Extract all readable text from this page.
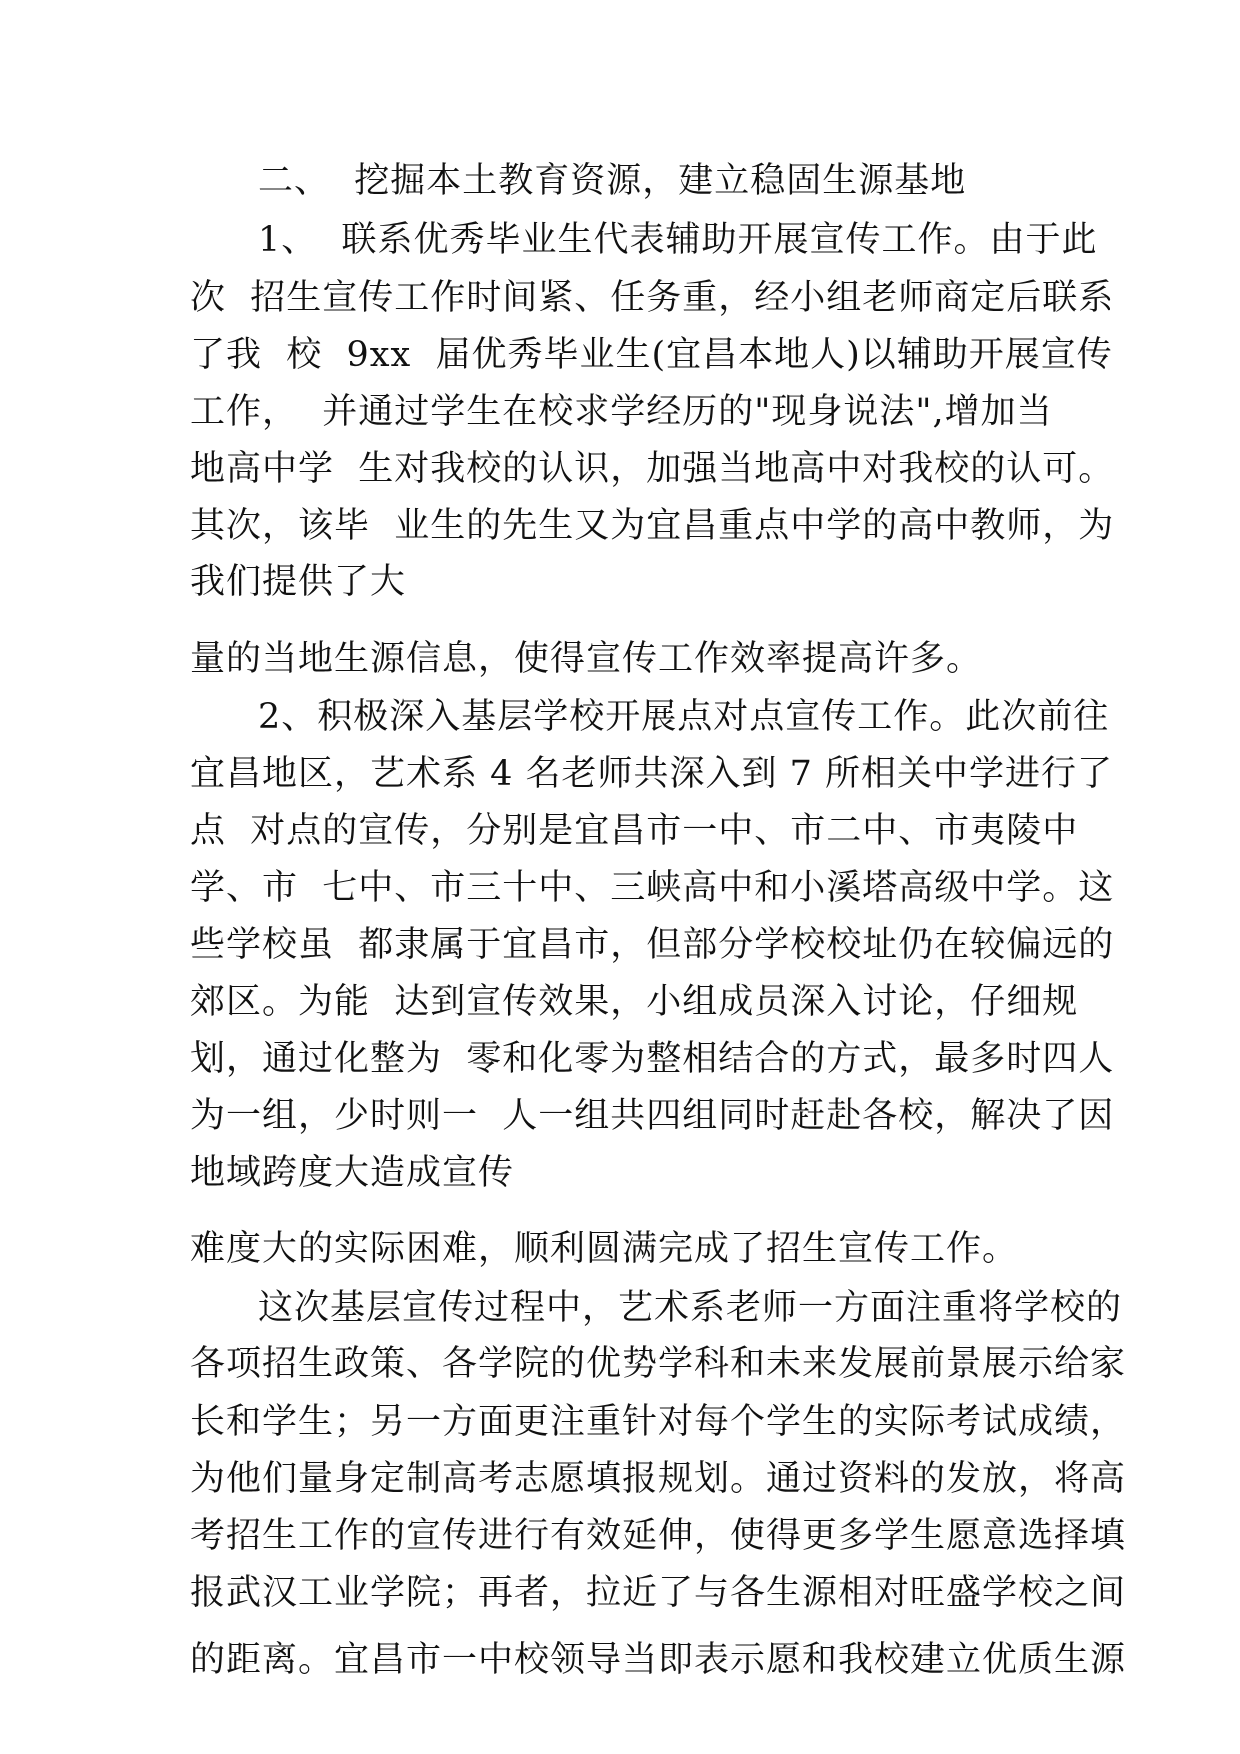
二、  挖掘本土教育资源，建立稳固生源基地
1、  联系优秀毕业生代表辅助开展宣传工作。由于此
次  招生宣传工作时间紧、任务重，经小组老师商定后联系
了我  校  9xx  届优秀毕业生(宜昌本地人)以辅助开展宣传
工作，  并通过学生在校求学经历的"现身说法",增加当
地高中学  生对我校的认识，加强当地高中对我校的认可。
其次，该毕  业生的先生又为宜昌重点中学的高中教师，为
我们提供了大
量的当地生源信息，使得宣传工作效率提高许多。
2、积极深入基层学校开展点对点宣传工作。此次前往
宜昌地区，艺术系 4 名老师共深入到 7 所相关中学进行了
点  对点的宣传，分别是宜昌市一中、市二中、市夷陵中
学、市  七中、市三十中、三峡高中和小溪塔高级中学。这
些学校虽  都隶属于宜昌市，但部分学校校址仍在较偏远的
郊区。为能  达到宣传效果，小组成员深入讨论，仔细规
划，通过化整为  零和化零为整相结合的方式，最多时四人
为一组，少时则一  人一组共四组同时赶赴各校，解决了因
地域跨度大造成宣传
难度大的实际困难，顺利圆满完成了招生宣传工作。
这次基层宣传过程中，艺术系老师一方面注重将学校的
各项招生政策、各学院的优势学科和未来发展前景展示给家
长和学生；另一方面更注重针对每个学生的实际考试成绩，
为他们量身定制高考志愿填报规划。通过资料的发放，将高
考招生工作的宣传进行有效延伸，使得更多学生愿意选择填
报武汉工业学院；再者，拉近了与各生源相对旺盛学校之间
的距离。宜昌市一中校领导当即表示愿和我校建立优质生源
